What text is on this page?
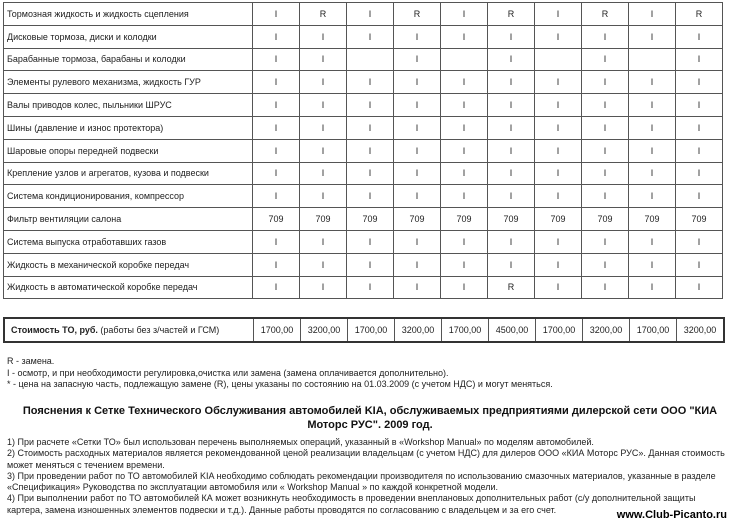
Тормозная жидкость и жидкость сцепления	I	R	I	R	I	R	I	R	I	R
Дисковые тормоза, диски и колодки	I	I	I	I	I	I	I	I	I	I
Барабанные тормоза, барабаны и колодки	I	I		I		I		I		I
Элементы рулевого механизма, жидкость ГУР	I	I	I	I	I	I	I	I	I	I
Валы приводов колес, пыльники ШРУС	I	I	I	I	I	I	I	I	I	I
Шины (давление и износ протектора)	I	I	I	I	I	I	I	I	I	I
Шаровые опоры передней подвески	I	I	I	I	I	I	I	I	I	I
Крепление узлов и агрегатов, кузова и подвески	I	I	I	I	I	I	I	I	I	I
Система кондиционирования, компрессор	I	I	I	I	I	I	I	I	I	I
Фильтр вентиляции салона	709	709	709	709	709	709	709	709	709	709
Система выпуска отработавших газов	I	I	I	I	I	I	I	I	I	I
Жидкость в механической коробке передач	I	I	I	I	I	I	I	I	I	I
Жидкость в автоматической коробке передач	I	I	I	I	I	R	I	I	I	I
Стоимость ТО, руб. (работы без з/частей и ГСМ)	1700,00	3200,00	1700,00	3200,00	1700,00	4500,00	1700,00	3200,00	1700,00	3200,00
R - замена.
I - осмотр, и при необходимости регулировка,очистка или замена (замена оплачивается дополнительно).
* - цена на запасную часть, подлежащую замене (R), цены указаны по состоянию на 01.03.2009 (с учетом НДС) и могут меняться.
Пояснения к Сетке Технического Обслуживания автомобилей KIA, обслуживаемых предприятиями дилерской сети ООО "КИА Моторс РУС". 2009 год.
1) При расчете «Сетки ТО» был использован перечень выполняемых операций, указанный в «Workshop Manual» по моделям автомобилей.
2) Стоимость расходных материалов является рекомендованной ценой реализации владельцам (с учетом НДС) для дилеров ООО «КИА Моторс РУС». Данная стоимость может меняться с течением времени.
3) При проведении работ по ТО автомобилей KIA необходимо соблюдать рекомендации производителя по использованию смазочных материалов, указанные в разделе «Спецификация» Руководства по эксплуатации автомобиля или « Workshop Manual » по каждой конкретной модели.
4) При выполнении работ по ТО автомобилей КА может возникнуть необходимость в проведении внеплановых дополнительных работ (с/у дополнительной защиты картера, замена изношенных элементов подвески и т.д.). Данные работы проводятся по согласованию с владельцем и за его счет.	www.Club-Picanto.ru
